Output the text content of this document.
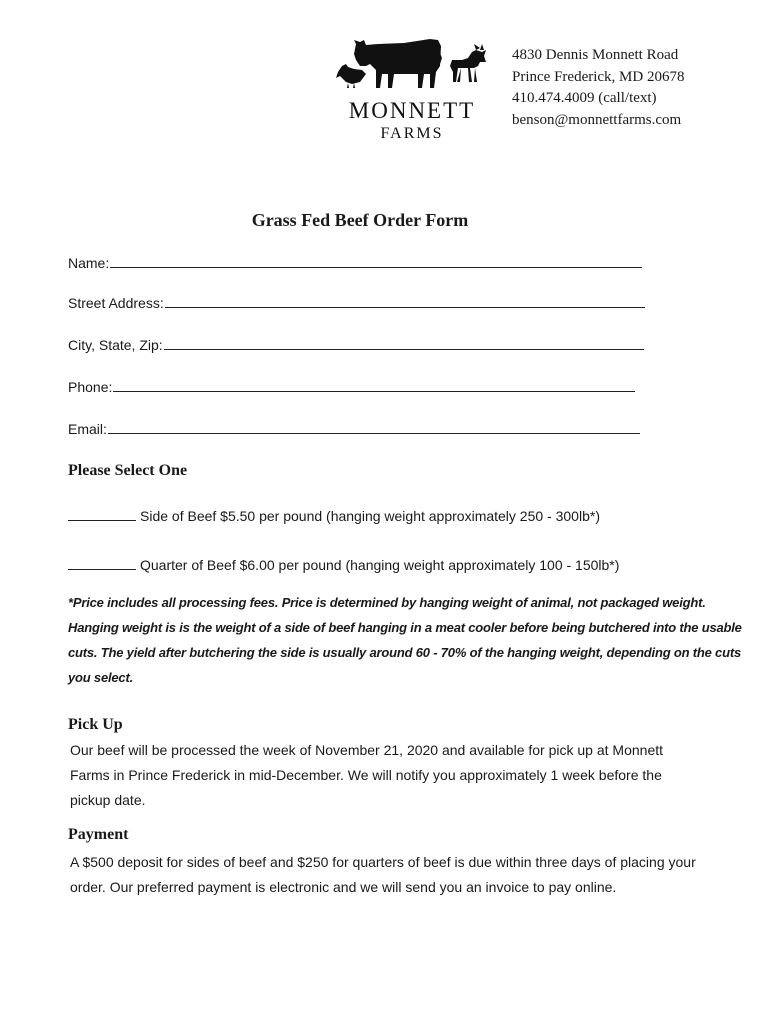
MONNETT
FARMS
4830 Dennis Monnett Road
Prince Frederick, MD 20678
410.474.4009 (call/text)
benson@monnettfarms.com
Grass Fed Beef Order Form
Name:
Street Address:
City, State, Zip:
Phone:
Email:
Please Select One
Side of Beef $5.50 per pound (hanging weight approximately 250 - 300lb*)
Quarter of Beef $6.00 per pound (hanging weight approximately 100 - 150lb*)
*Price includes all processing fees. Price is determined by hanging weight of animal, not packaged weight.
Hanging weight is is the weight of a side of beef hanging in a meat cooler before being butchered into the usable
cuts. The yield after butchering the side is usually around 60 - 70% of the hanging weight, depending on the cuts
you select.
Pick Up
Our beef will be processed the week of November 21, 2020 and available for pick up at Monnett
Farms in Prince Frederick in mid-December. We will notify you approximately 1 week before the
pickup date.
Payment
A $500 deposit for sides of beef and $250 for quarters of beef is due within three days of placing your
order. Our preferred payment is electronic and we will send you an invoice to pay online.
